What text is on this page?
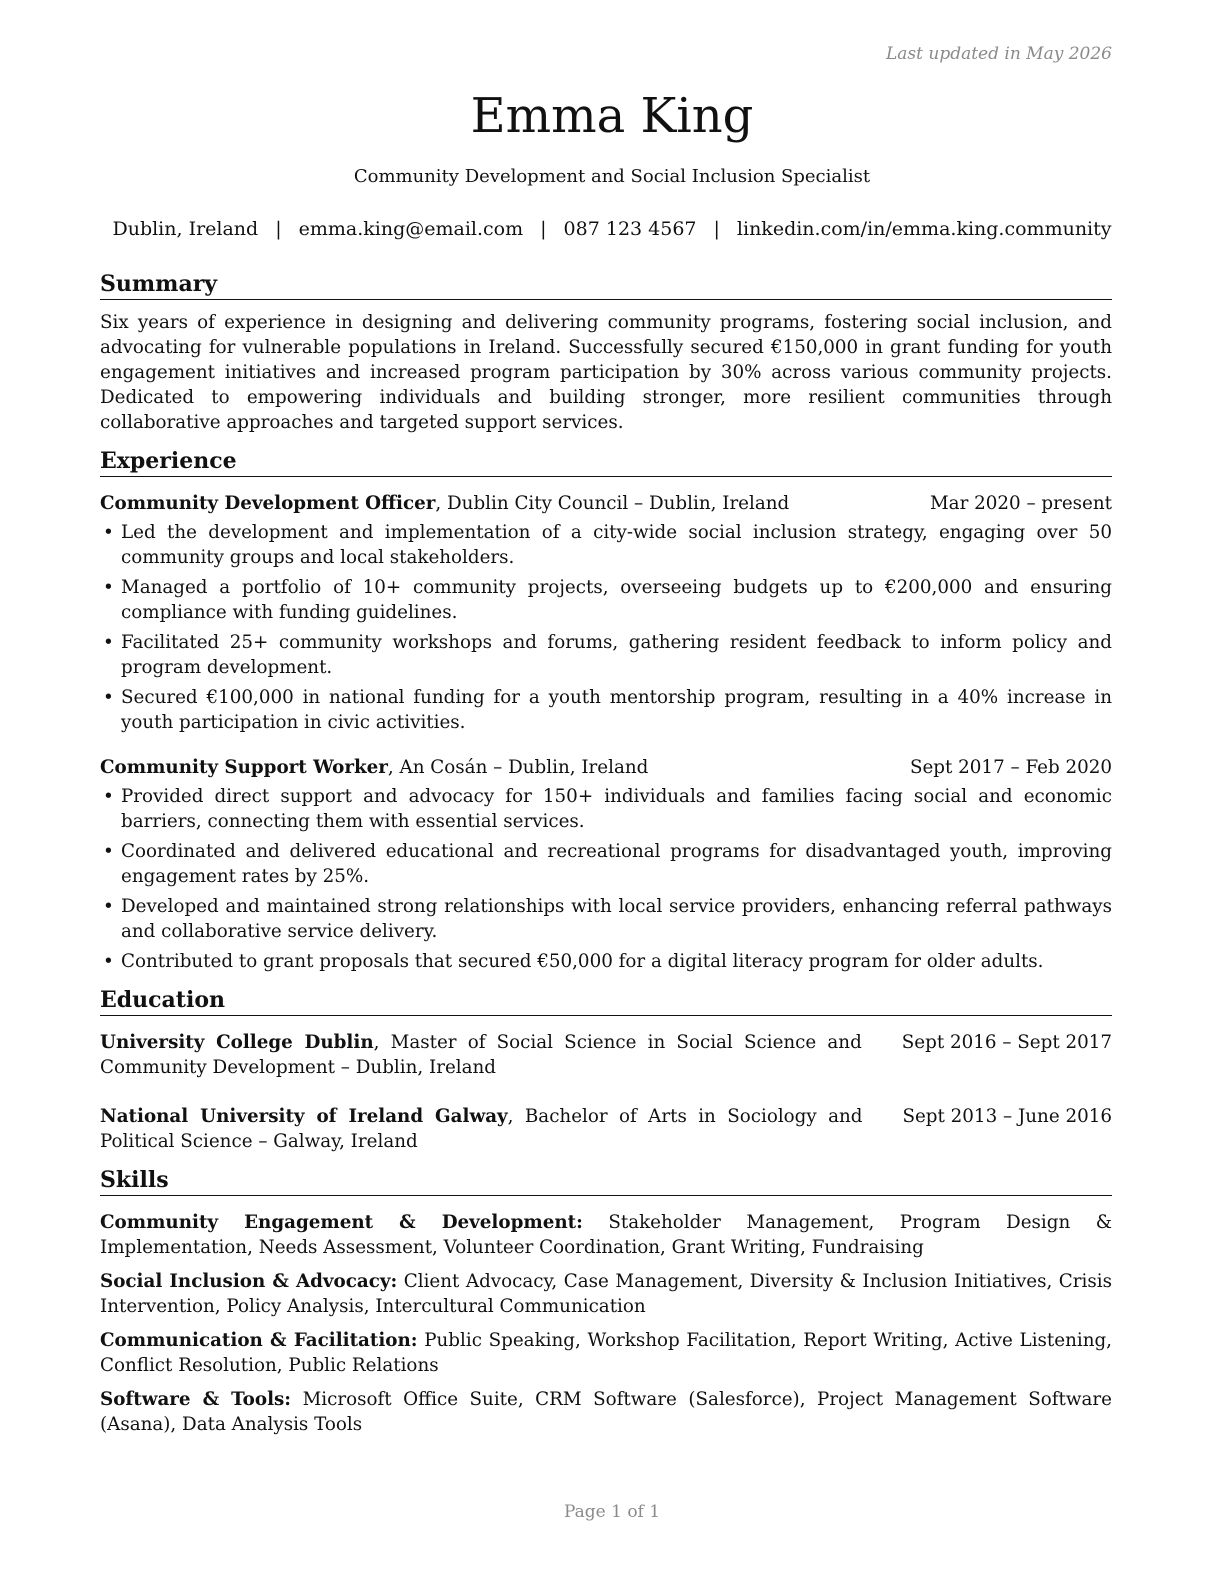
Last updated in May 2026
Emma King
Community Development and Social Inclusion Specialist
Dublin, Ireland | emma.king@email.com | 087 123 4567 | linkedin.com/in/emma.king.community
Summary

Six years of experience in designing and delivering community programs, fostering social inclusion, and advocating for vulnerable populations in Ireland. Successfully secured €150,000 in grant funding for youth engagement initiatives and increased program participation by 30% across various community projects. Dedicated to empowering individuals and building stronger, more resilient communities through collaborative approaches and targeted support services.

Experience
Community Development Officer, Dublin City Council – Dublin, Ireland	Mar 2020 – present
• Led the development and implementation of a city-wide social inclusion strategy, engaging over 50 community groups and local stakeholders.
• Managed a portfolio of 10+ community projects, overseeing budgets up to €200,000 and ensuring compliance with funding guidelines.
• Facilitated 25+ community workshops and forums, gathering resident feedback to inform policy and program development.
• Secured €100,000 in national funding for a youth mentorship program, resulting in a 40% increase in youth participation in civic activities.
Community Support Worker, An Cosán – Dublin, Ireland	Sept 2017 – Feb 2020
• Provided direct support and advocacy for 150+ individuals and families facing social and economic barriers, connecting them with essential services.
• Coordinated and delivered educational and recreational programs for disadvantaged youth, improving engagement rates by 25%.
• Developed and maintained strong relationships with local service providers, enhancing referral pathways and collaborative service delivery.
• Contributed to grant proposals that secured €50,000 for a digital literacy program for older adults.
Education
University College Dublin, Master of Social Science in Social Science and Community Development – Dublin, Ireland
Sept 2016 – Sept 2017
National University of Ireland Galway, Bachelor of Arts in Sociology and Political Science – Galway, Ireland
Sept 2013 – June 2016
Skills
Community Engagement & Development: Stakeholder Management, Program Design & Implementation, Needs Assessment, Volunteer Coordination, Grant Writing, Fundraising
Social Inclusion & Advocacy: Client Advocacy, Case Management, Diversity & Inclusion Initiatives, Crisis Intervention, Policy Analysis, Intercultural Communication
Communication & Facilitation: Public Speaking, Workshop Facilitation, Report Writing, Active Listening, Conflict Resolution, Public Relations
Software & Tools: Microsoft Office Suite, CRM Software (Salesforce), Project Management Software (Asana), Data Analysis Tools
Page 1 of 1
